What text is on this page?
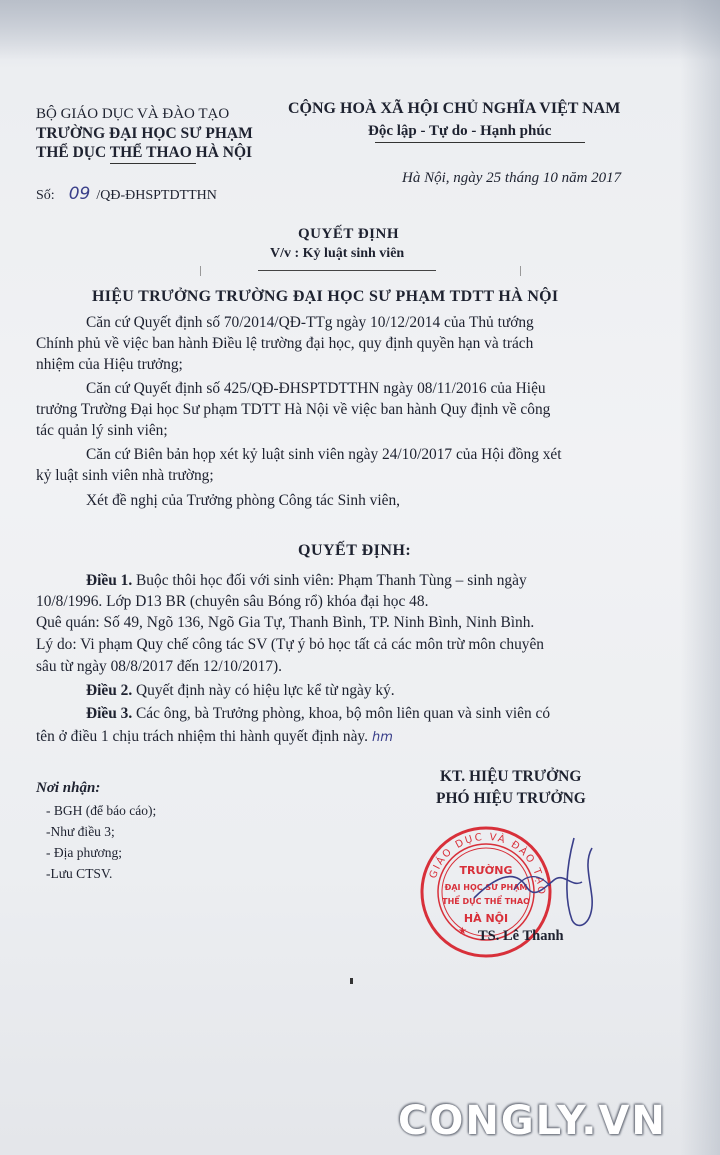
BỘ GIÁO DỤC VÀ ĐÀO TẠO
TRƯỜNG ĐẠI HỌC SƯ PHẠM
THỂ DỤC THỂ THAO HÀ NỘI
CỘNG HOÀ XÃ HỘI CHỦ NGHĨA VIỆT NAM
Độc lập - Tự do - Hạnh phúc
Số: 09 /QĐ-ĐHSPTDTTHN
Hà Nội, ngày 25 tháng 10 năm 2017
QUYẾT ĐỊNH
V/v : Kỷ luật sinh viên
HIỆU TRƯỞNG TRƯỜNG ĐẠI HỌC SƯ PHẠM TDTT HÀ NỘI
Căn cứ Quyết định số 70/2014/QĐ-TTg ngày 10/12/2014 của Thủ tướng
Chính phủ về việc ban hành Điều lệ trường đại học, quy định quyền hạn và trách
nhiệm của Hiệu trưởng;
Căn cứ Quyết định số 425/QĐ-ĐHSPTDTTHN ngày 08/11/2016 của Hiệu
trưởng Trường Đại học Sư phạm TDTT Hà Nội về việc ban hành Quy định về công
tác quản lý sinh viên;
Căn cứ Biên bản họp xét kỷ luật sinh viên ngày 24/10/2017 của Hội đồng xét
kỷ luật sinh viên nhà trường;
Xét đề nghị của Trưởng phòng Công tác Sinh viên,
QUYẾT ĐỊNH:
Điều 1. Buộc thôi học đối với sinh viên: Phạm Thanh Tùng – sinh ngày
10/8/1996. Lớp D13 BR (chuyên sâu Bóng rổ) khóa đại học 48.
Quê quán: Số 49, Ngõ 136, Ngõ Gia Tự, Thanh Bình, TP. Ninh Bình, Ninh Bình.
Lý do: Vi phạm Quy chế công tác SV (Tự ý bỏ học tất cả các môn trừ môn chuyên
sâu từ ngày 08/8/2017 đến 12/10/2017).
Điều 2. Quyết định này có hiệu lực kể từ ngày ký.
Điều 3. Các ông, bà Trưởng phòng, khoa, bộ môn liên quan và sinh viên có
tên ở điều 1 chịu trách nhiệm thi hành quyết định này. hm
Nơi nhận:
- BGH (để báo cáo);
-Như điều 3;
- Địa phương;
-Lưu CTSV.
KT. HIỆU TRƯỞNG
PHÓ HIỆU TRƯỞNG
GIÁO DỤC VÀ ĐÀO TẠO
TRƯỜNG
ĐẠI HỌC SƯ PHẠM
THỂ DỤC THỂ THAO
HÀ NỘI
★ TS. Lê Thanh
CONGLY.VN
